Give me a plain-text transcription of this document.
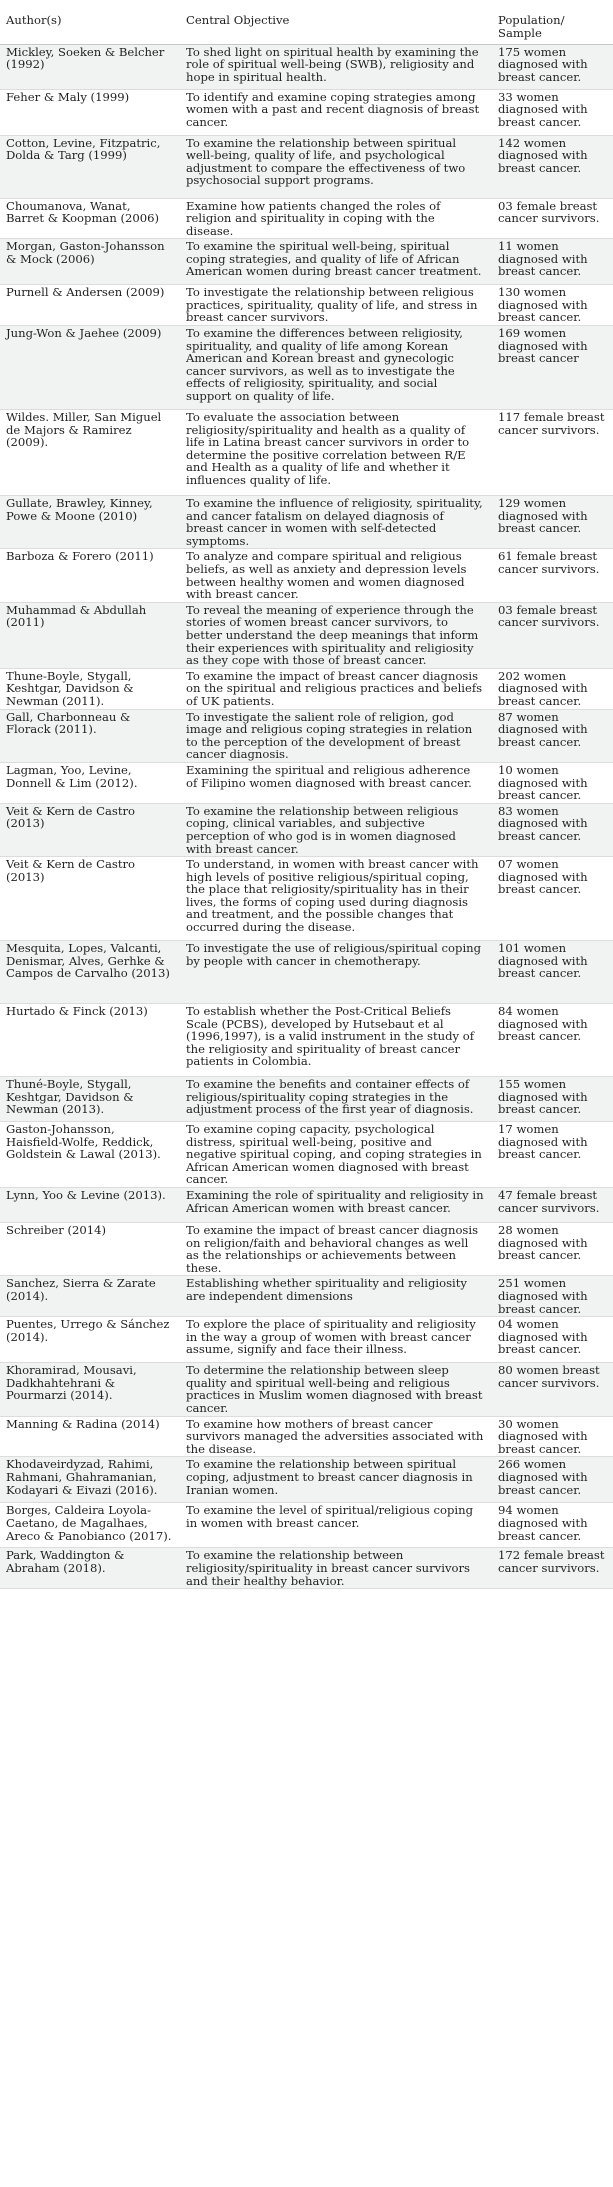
Author(s)	Central Objective	Population/ Sample
Mickley, Soeken & Belcher (1992)	To shed light on spiritual health by examining the role of spiritual well-being (SWB), religiosity and hope in spiritual health.	175 women diagnosed with breast cancer.
Feher & Maly (1999)	To identify and examine coping strategies among women with a past and recent diagnosis of breast cancer.	33 women diagnosed with breast cancer.
Cotton, Levine, Fitzpatric, Dolda & Targ (1999)	To examine the relationship between spiritual well-being, quality of life, and psychological adjustment to compare the effectiveness of two psychosocial support programs.	142 women diagnosed with breast cancer.
Choumanova, Wanat, Barret & Koopman (2006)	Examine how patients changed the roles of religion and spirituality in coping with the disease.	03 female breast cancer survivors.
Morgan, Gaston-Johansson & Mock (2006)	To examine the spiritual well-being, spiritual coping strategies, and quality of life of African American women during breast cancer treatment.	11 women diagnosed with breast cancer.
Purnell & Andersen (2009)	To investigate the relationship between religious practices, spirituality, quality of life, and stress in breast cancer survivors.	130 women diagnosed with breast cancer.
Jung-Won & Jaehee (2009)	To examine the differences between religiosity, spirituality, and quality of life among Korean American and Korean breast and gynecologic cancer survivors, as well as to investigate the effects of religiosity, spirituality, and social support on quality of life.	169 women diagnosed with breast cancer
Wildes. Miller, San Miguel de Majors & Ramirez (2009).	To evaluate the association between religiosity/spirituality and health as a quality of life in Latina breast cancer survivors in order to determine the positive correlation between R/E and Health as a quality of life and whether it influences quality of life.	117 female breast cancer survivors.
Gullate, Brawley, Kinney, Powe & Moone (2010)	To examine the influence of religiosity, spirituality, and cancer fatalism on delayed diagnosis of breast cancer in women with self-detected symptoms.	129 women diagnosed with breast cancer.
Barboza & Forero (2011)	To analyze and compare spiritual and religious beliefs, as well as anxiety and depression levels between healthy women and women diagnosed with breast cancer.	61 female breast cancer survivors.
Muhammad & Abdullah (2011)	To reveal the meaning of experience through the stories of women breast cancer survivors, to better understand the deep meanings that inform their experiences with spirituality and religiosity as they cope with those of breast cancer.	03 female breast cancer survivors.
Thune-Boyle, Stygall, Keshtgar, Davidson & Newman (2011).	To examine the impact of breast cancer diagnosis on the spiritual and religious practices and beliefs of UK patients.	202 women diagnosed with breast cancer.
Gall, Charbonneau & Florack (2011).	To investigate the salient role of religion, god image and religious coping strategies in relation to the perception of the development of breast cancer diagnosis.	87 women diagnosed with breast cancer.
Lagman, Yoo, Levine, Donnell & Lim (2012).	Examining the spiritual and religious adherence of Filipino women diagnosed with breast cancer.	10 women diagnosed with breast cancer.
Veit & Kern de Castro (2013)	To examine the relationship between religious coping, clinical variables, and subjective perception of who god is in women diagnosed with breast cancer.	83 women diagnosed with breast cancer.
Veit & Kern de Castro (2013)	To understand, in women with breast cancer with high levels of positive religious/spiritual coping, the place that religiosity/spirituality has in their lives, the forms of coping used during diagnosis and treatment, and the possible changes that occurred during the disease.	07 women diagnosed with breast cancer.
Mesquita, Lopes, Valcanti, Denismar, Alves, Gerhke & Campos de Carvalho (2013)	To investigate the use of religious/spiritual coping by people with cancer in chemotherapy.	101 women diagnosed with breast cancer.
Hurtado & Finck (2013)	To establish whether the Post-Critical Beliefs Scale (PCBS), developed by Hutsebaut et al (1996,1997), is a valid instrument in the study of the religiosity and spirituality of breast cancer patients in Colombia.	84 women diagnosed with breast cancer.
Thuné-Boyle, Stygall, Keshtgar, Davidson & Newman (2013).	To examine the benefits and container effects of religious/spirituality coping strategies in the adjustment process of the first year of diagnosis.	155 women diagnosed with breast cancer.
Gaston-Johansson, Haisfield-Wolfe, Reddick, Goldstein & Lawal (2013).	To examine coping capacity, psychological distress, spiritual well-being, positive and negative spiritual coping, and coping strategies in African American women diagnosed with breast cancer.	17 women diagnosed with breast cancer.
Lynn, Yoo & Levine (2013).	Examining the role of spirituality and religiosity in African American women with breast cancer.	47 female breast cancer survivors.
Schreiber (2014)	To examine the impact of breast cancer diagnosis on religion/faith and behavioral changes as well as the relationships or achievements between these.	28 women diagnosed with breast cancer.
Sanchez, Sierra & Zarate (2014).	Establishing whether spirituality and religiosity are independent dimensions	251 women diagnosed with breast cancer.
Puentes, Urrego & Sánchez (2014).	To explore the place of spirituality and religiosity in the way a group of women with breast cancer assume, signify and face their illness.	04 women diagnosed with breast cancer.
Khoramirad, Mousavi, Dadkhahtehrani & Pourmarzi (2014).	To determine the relationship between sleep quality and spiritual well-being and religious practices in Muslim women diagnosed with breast cancer.	80 women breast cancer survivors.
Manning & Radina (2014)	To examine how mothers of breast cancer survivors managed the adversities associated with the disease.	30 women diagnosed with breast cancer.
Khodaveirdyzad, Rahimi, Rahmani, Ghahramanian, Kodayari & Eivazi (2016).	To examine the relationship between spiritual coping, adjustment to breast cancer diagnosis in Iranian women.	266 women diagnosed with breast cancer.
Borges, Caldeira Loyola-Caetano, de Magalhaes, Areco & Panobianco (2017).	To examine the level of spiritual/religious coping in women with breast cancer.	94 women diagnosed with breast cancer.
Park, Waddington & Abraham (2018).	To examine the relationship between religiosity/spirituality in breast cancer survivors and their healthy behavior.	172 female breast cancer survivors.
